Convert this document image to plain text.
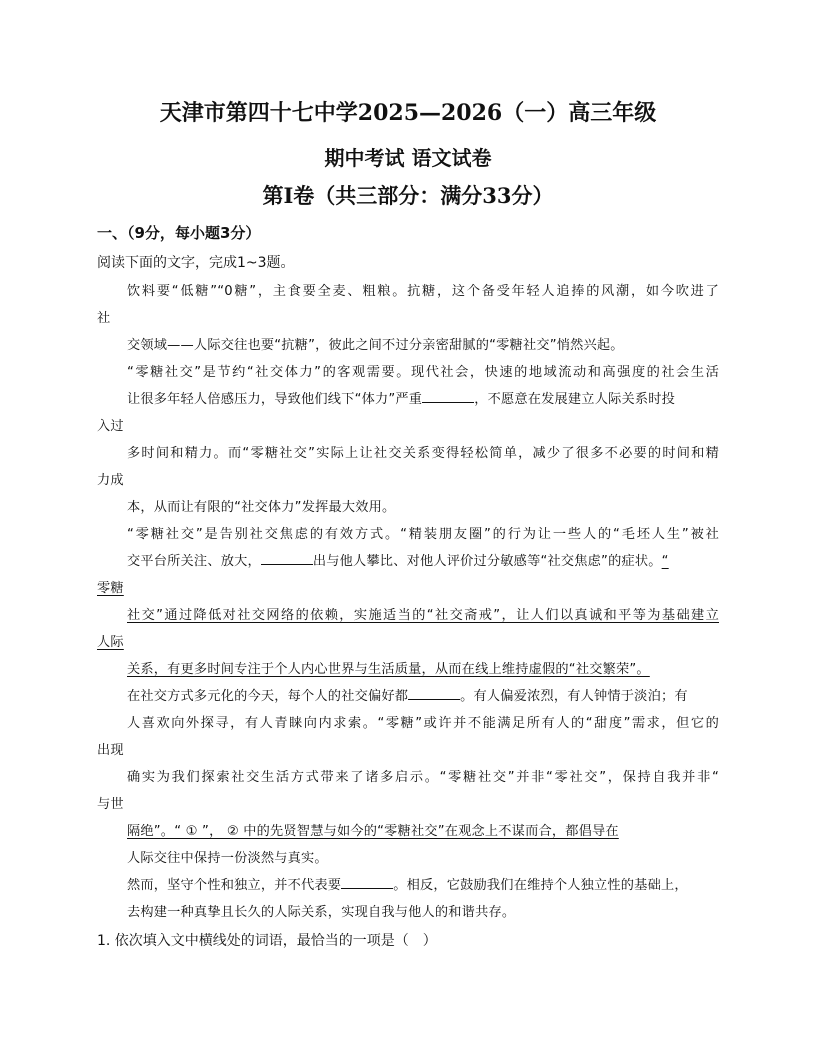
天津市第四十七中学2025—2026（一）高三年级
期中考试 语文试卷
第Ⅰ卷（共三部分：满分33分）
一、（9分，每小题3分）
阅读下面的文字，完成1~3题。
饮料要“低糖”“0糖”，主食要全麦、粗粮。抗糖，这个备受年轻人追捧的风潮，如今吹进了
社
交领域——人际交往也要“抗糖”，彼此之间不过分亲密甜腻的“零糖社交”悄然兴起。
“零糖社交”是节约“社交体力”的客观需要。现代社会，快速的地域流动和高强度的社会生活
让很多年轻人倍感压力，导致他们线下“体力”严重	，不愿意在发展建立人际关系时投
入过
多时间和精力。而“零糖社交”实际上让社交关系变得轻松简单，减少了很多不必要的时间和精
力成
本，从而让有限的“社交体力”发挥最大效用。
“零糖社交”是告别社交焦虑的有效方式。“精装朋友圈”的行为让一些人的“毛坯人生”被社
交平台所关注、放大，	出与他人攀比、对他人评价过分敏感等“社交焦虑”的症状。“
零糖
社交”通过降低对社交网络的依赖，实施适当的“社交斋戒”，让人们以真诚和平等为基础建立
人际
关系，有更多时间专注于个人内心世界与生活质量，从而在线上维持虚假的“社交繁荣”。
在社交方式多元化的今天，每个人的社交偏好都	。有人偏爱浓烈，有人钟情于淡泊；有
人喜欢向外探寻，有人青睐向内求索。“零糖”或许并不能满足所有人的“甜度”需求，但它的
出现
确实为我们探索社交生活方式带来了诸多启示。“零糖社交”并非“零社交”，保持自我并非“
与世
隔绝”。“ ① ”， ② 中的先贤智慧与如今的“零糖社交”在观念上不谋而合，都倡导在
人际交往中保持一份淡然与真实。
然而，坚守个性和独立，并不代表要	。相反，它鼓励我们在维持个人独立性的基础上，
去构建一种真挚且长久的人际关系，实现自我与他人的和谐共存。
1. 依次填入文中横线处的词语，最恰当的一项是（　）
